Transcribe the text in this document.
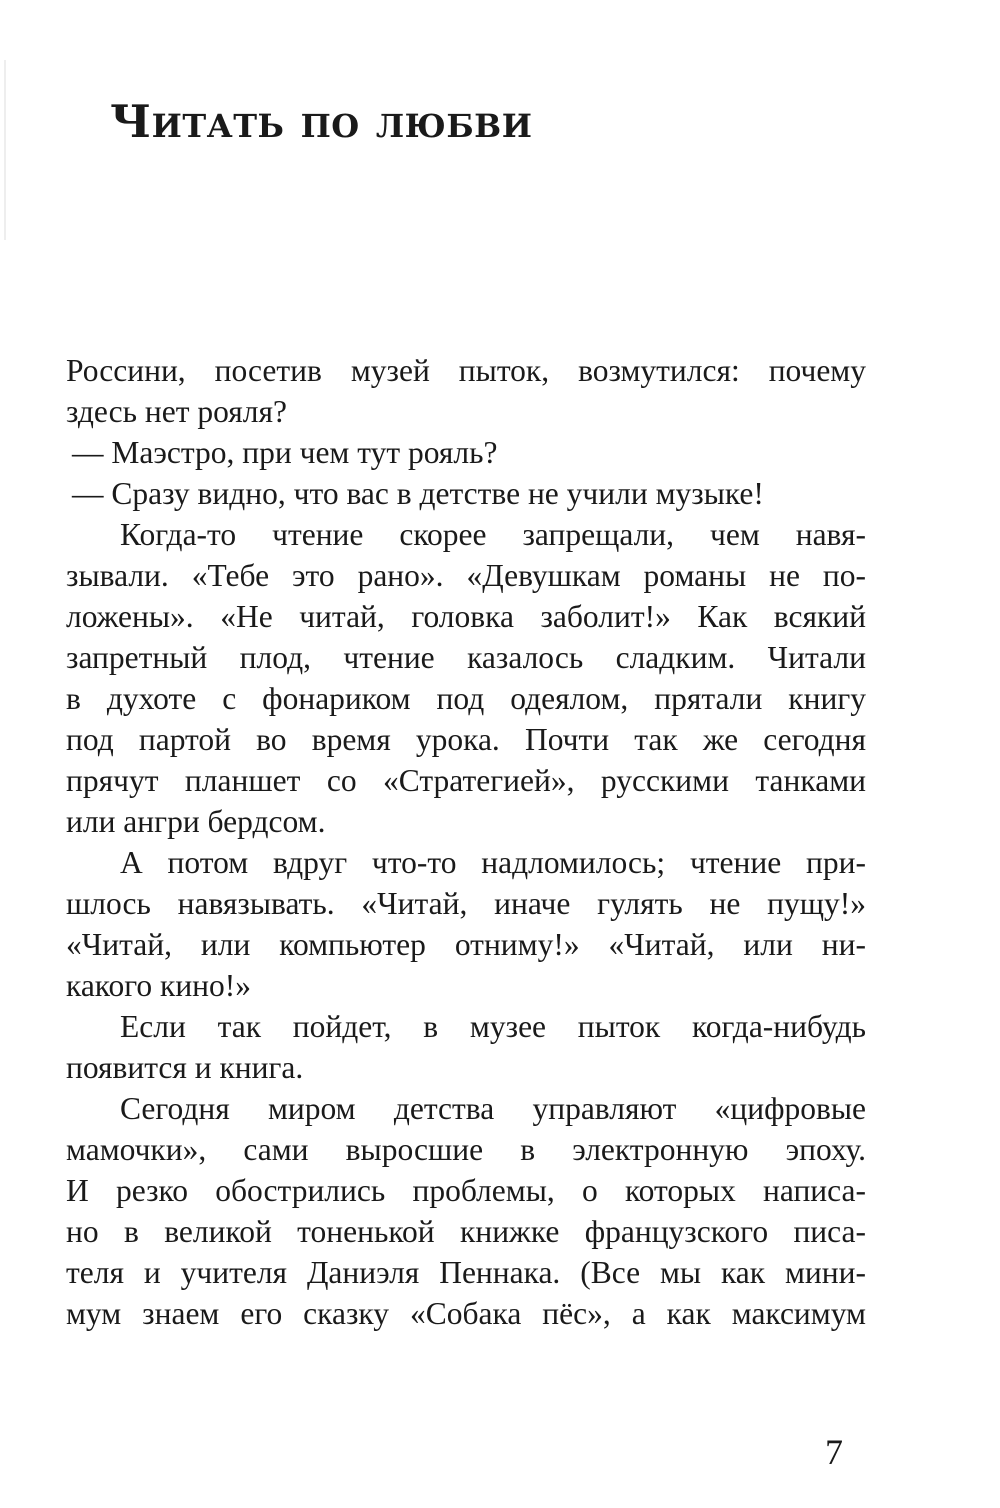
Читать по любви
Россини, посетив музей пыток, возмутился: почему
здесь нет рояля?
— Маэстро, при чем тут рояль?
— Сразу видно, что вас в детстве не учили музыке!
Когда-то чтение скорее запрещали, чем навя-
зывали. «Тебе это рано». «Девушкам романы не по-
ложены». «Не читай, головка заболит!» Как всякий
запретный плод, чтение казалось сладким. Читали
в духоте с фонариком под одеялом, прятали книгу
под партой во время урока. Почти так же сегодня
прячут планшет со «Стратегией», русскими танками
или ангри бердсом.
А потом вдруг что-то надломилось; чтение при-
шлось навязывать. «Читай, иначе гулять не пущу!»
«Читай, или компьютер отниму!» «Читай, или ни-
какого кино!»
Если так пойдет, в музее пыток когда-нибудь
появится и книга.
Сегодня миром детства управляют «цифровые
мамочки», сами выросшие в электронную эпоху.
И резко обострились проблемы, о которых написа-
но в великой тоненькой книжке французского писа-
теля и учителя Даниэля Пеннака. (Все мы как мини-
мум знаем его сказку «Собака пёс», а как максимум
7
